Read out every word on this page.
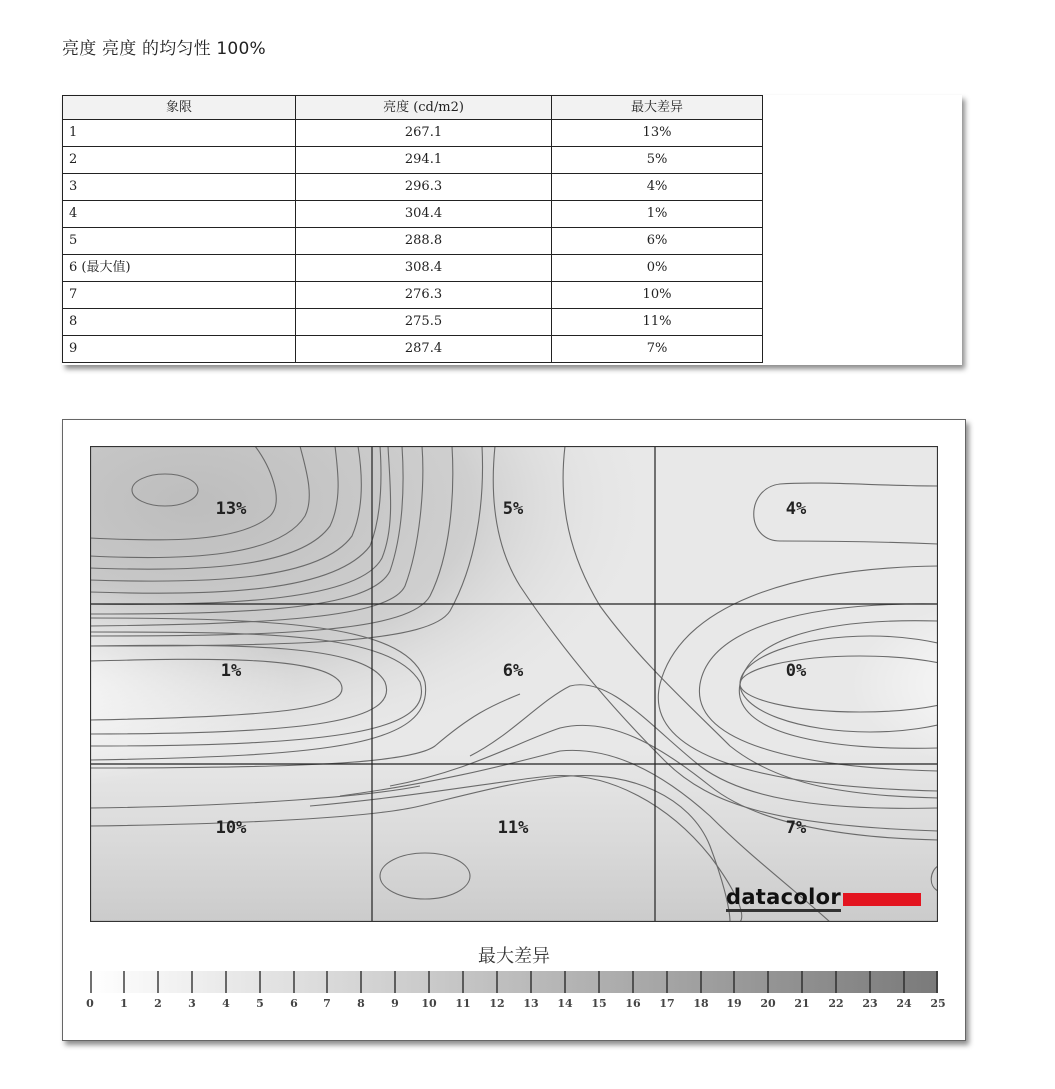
亮度 亮度 的均匀性 100%
象限	亮度 (cd/m2)	最大差异
1	267.1	13%
2	294.1	5%
3	296.3	4%
4	304.4	1%
5	288.8	6%
6 (最大值)	308.4	0%
7	276.3	10%
8	275.5	11%
9	287.4	7%
13%	5%	4%
1%	6%	0%
10%	11%	7%
datacolor
最大差异
0 1 2 3 4 5 6 7 8 9 10 11 12 13 14 15 16 17 18 19 20 21 22 23 24 25
